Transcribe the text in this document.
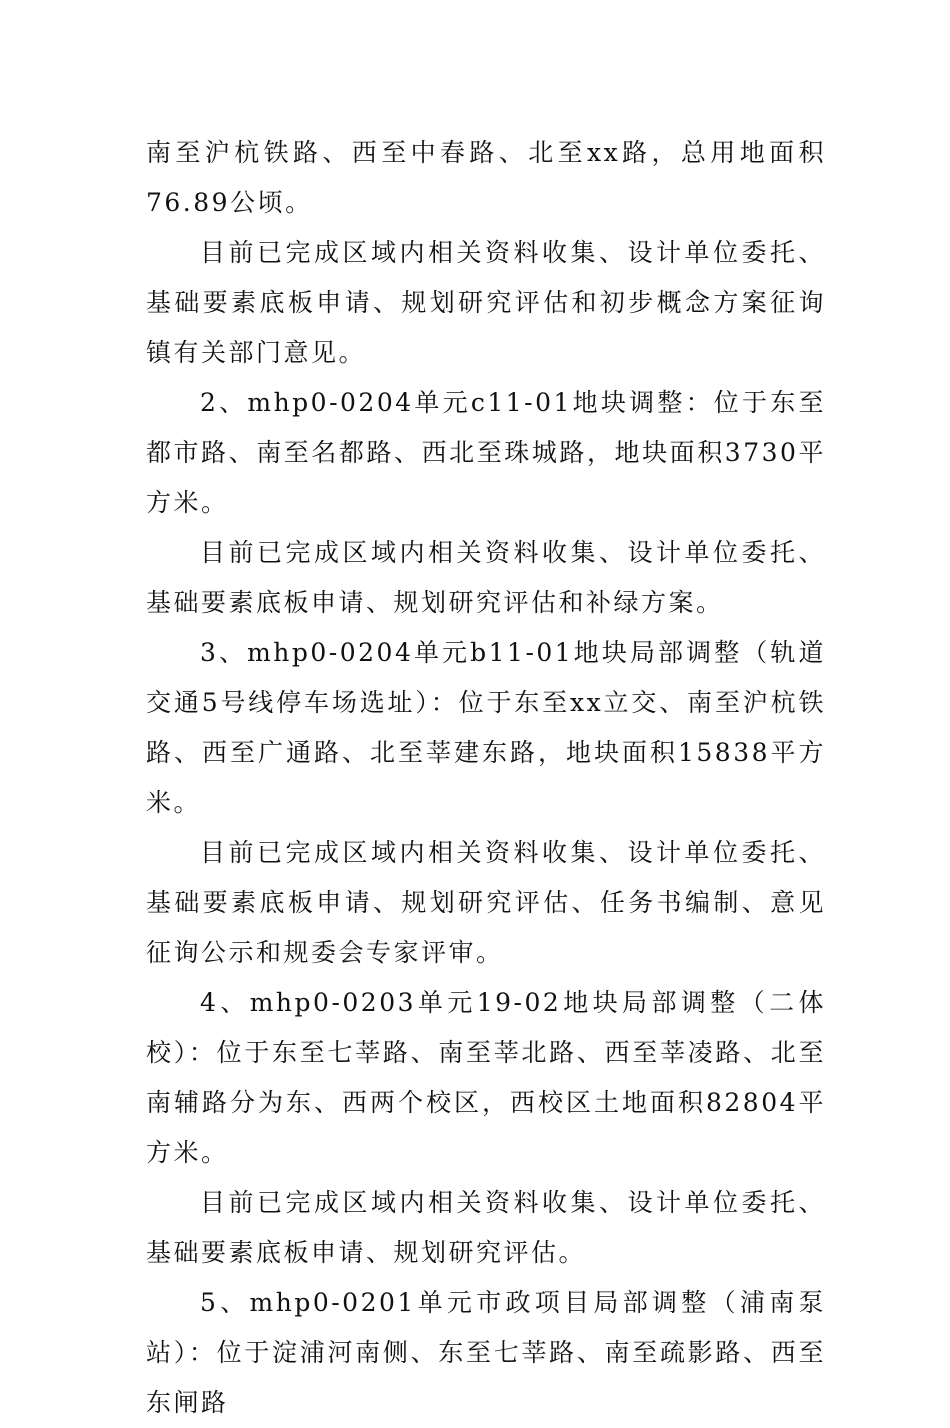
南至沪杭铁路、西至中春路、北至xx路，总用地面积76.89公顷。

目前已完成区域内相关资料收集、设计单位委托、基础要素底板申请、规划研究评估和初步概念方案征询镇有关部门意见。

2、mhp0-0204单元c11-01地块调整：位于东至都市路、南至名都路、西北至珠城路，地块面积3730平方米。

目前已完成区域内相关资料收集、设计单位委托、基础要素底板申请、规划研究评估和补绿方案。

3、mhp0-0204单元b11-01地块局部调整（轨道交通5号线停车场选址）：位于东至xx立交、南至沪杭铁路、西至广通路、北至莘建东路，地块面积15838平方米。

目前已完成区域内相关资料收集、设计单位委托、基础要素底板申请、规划研究评估、任务书编制、意见征询公示和规委会专家评审。

4、mhp0-0203单元19-02地块局部调整（二体校）：位于东至七莘路、南至莘北路、西至莘凌路、北至南辅路分为东、西两个校区，西校区土地面积82804平方米。

目前已完成区域内相关资料收集、设计单位委托、基础要素底板申请、规划研究评估。

5、mhp0-0201单元市政项目局部调整（浦南泵站）：位于淀浦河南侧、东至七莘路、南至疏影路、西至东闸路
